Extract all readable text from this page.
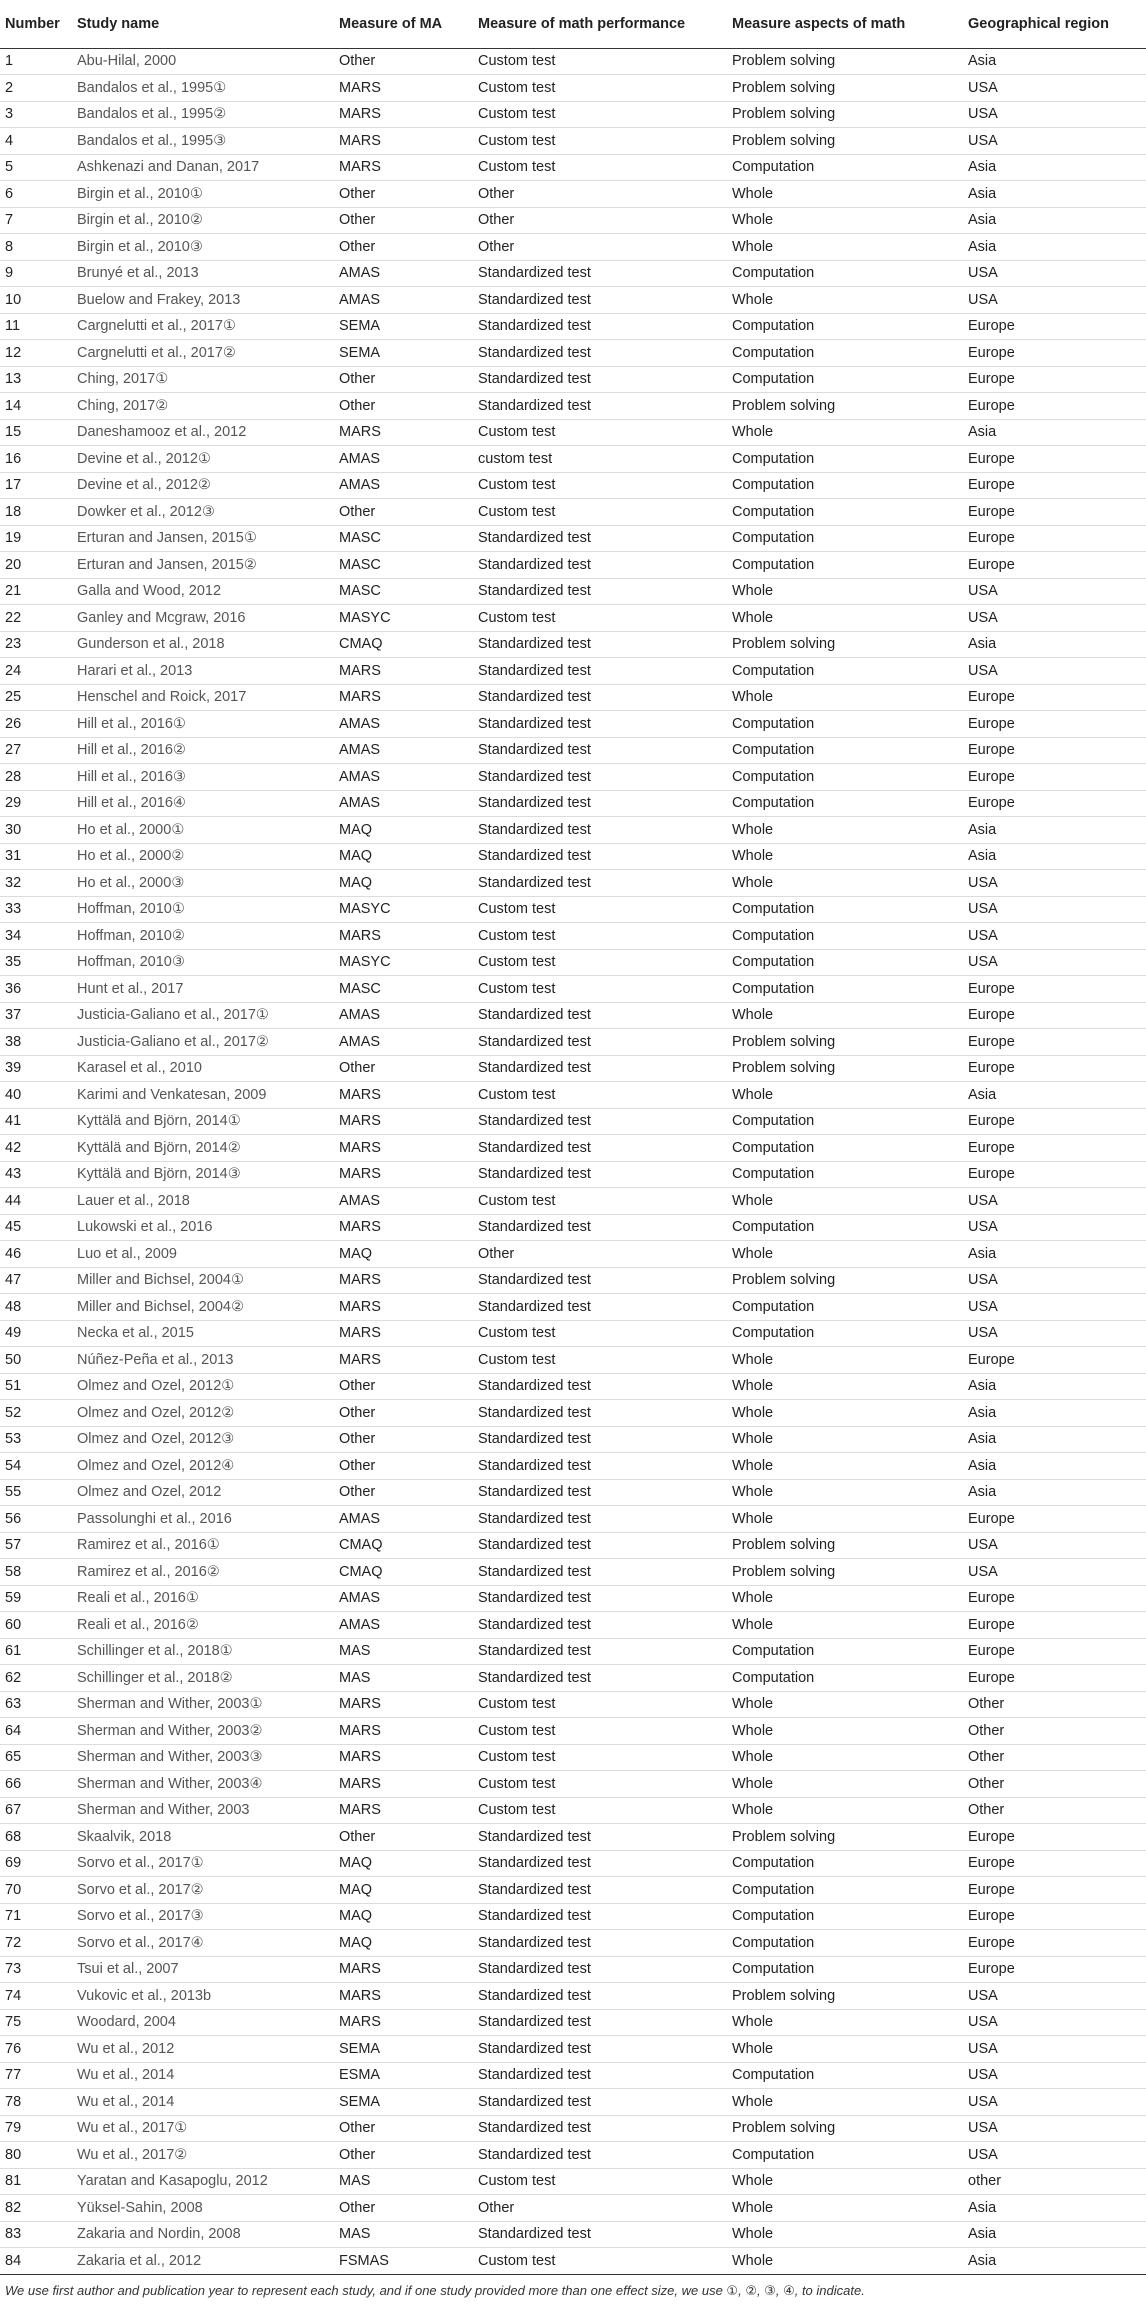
Number	Study name	Measure of MA	Measure of math performance	Measure aspects of math	Geographical region
1	Abu-Hilal, 2000	Other	Custom test	Problem solving	Asia
2	Bandalos et al., 1995①	MARS	Custom test	Problem solving	USA
3	Bandalos et al., 1995②	MARS	Custom test	Problem solving	USA
4	Bandalos et al., 1995③	MARS	Custom test	Problem solving	USA
5	Ashkenazi and Danan, 2017	MARS	Custom test	Computation	Asia
6	Birgin et al., 2010①	Other	Other	Whole	Asia
7	Birgin et al., 2010②	Other	Other	Whole	Asia
8	Birgin et al., 2010③	Other	Other	Whole	Asia
9	Brunyé et al., 2013	AMAS	Standardized test	Computation	USA
10	Buelow and Frakey, 2013	AMAS	Standardized test	Whole	USA
11	Cargnelutti et al., 2017①	SEMA	Standardized test	Computation	Europe
12	Cargnelutti et al., 2017②	SEMA	Standardized test	Computation	Europe
13	Ching, 2017①	Other	Standardized test	Computation	Europe
14	Ching, 2017②	Other	Standardized test	Problem solving	Europe
15	Daneshamooz et al., 2012	MARS	Custom test	Whole	Asia
16	Devine et al., 2012①	AMAS	custom test	Computation	Europe
17	Devine et al., 2012②	AMAS	Custom test	Computation	Europe
18	Dowker et al., 2012③	Other	Custom test	Computation	Europe
19	Erturan and Jansen, 2015①	MASC	Standardized test	Computation	Europe
20	Erturan and Jansen, 2015②	MASC	Standardized test	Computation	Europe
21	Galla and Wood, 2012	MASC	Standardized test	Whole	USA
22	Ganley and Mcgraw, 2016	MASYC	Custom test	Whole	USA
23	Gunderson et al., 2018	CMAQ	Standardized test	Problem solving	Asia
24	Harari et al., 2013	MARS	Standardized test	Computation	USA
25	Henschel and Roick, 2017	MARS	Standardized test	Whole	Europe
26	Hill et al., 2016①	AMAS	Standardized test	Computation	Europe
27	Hill et al., 2016②	AMAS	Standardized test	Computation	Europe
28	Hill et al., 2016③	AMAS	Standardized test	Computation	Europe
29	Hill et al., 2016④	AMAS	Standardized test	Computation	Europe
30	Ho et al., 2000①	MAQ	Standardized test	Whole	Asia
31	Ho et al., 2000②	MAQ	Standardized test	Whole	Asia
32	Ho et al., 2000③	MAQ	Standardized test	Whole	USA
33	Hoffman, 2010①	MASYC	Custom test	Computation	USA
34	Hoffman, 2010②	MARS	Custom test	Computation	USA
35	Hoffman, 2010③	MASYC	Custom test	Computation	USA
36	Hunt et al., 2017	MASC	Custom test	Computation	Europe
37	Justicia-Galiano et al., 2017①	AMAS	Standardized test	Whole	Europe
38	Justicia-Galiano et al., 2017②	AMAS	Standardized test	Problem solving	Europe
39	Karasel et al., 2010	Other	Standardized test	Problem solving	Europe
40	Karimi and Venkatesan, 2009	MARS	Custom test	Whole	Asia
41	Kyttälä and Björn, 2014①	MARS	Standardized test	Computation	Europe
42	Kyttälä and Björn, 2014②	MARS	Standardized test	Computation	Europe
43	Kyttälä and Björn, 2014③	MARS	Standardized test	Computation	Europe
44	Lauer et al., 2018	AMAS	Custom test	Whole	USA
45	Lukowski et al., 2016	MARS	Standardized test	Computation	USA
46	Luo et al., 2009	MAQ	Other	Whole	Asia
47	Miller and Bichsel, 2004①	MARS	Standardized test	Problem solving	USA
48	Miller and Bichsel, 2004②	MARS	Standardized test	Computation	USA
49	Necka et al., 2015	MARS	Custom test	Computation	USA
50	Núñez-Peña et al., 2013	MARS	Custom test	Whole	Europe
51	Olmez and Ozel, 2012①	Other	Standardized test	Whole	Asia
52	Olmez and Ozel, 2012②	Other	Standardized test	Whole	Asia
53	Olmez and Ozel, 2012③	Other	Standardized test	Whole	Asia
54	Olmez and Ozel, 2012④	Other	Standardized test	Whole	Asia
55	Olmez and Ozel, 2012	Other	Standardized test	Whole	Asia
56	Passolunghi et al., 2016	AMAS	Standardized test	Whole	Europe
57	Ramirez et al., 2016①	CMAQ	Standardized test	Problem solving	USA
58	Ramirez et al., 2016②	CMAQ	Standardized test	Problem solving	USA
59	Reali et al., 2016①	AMAS	Standardized test	Whole	Europe
60	Reali et al., 2016②	AMAS	Standardized test	Whole	Europe
61	Schillinger et al., 2018①	MAS	Standardized test	Computation	Europe
62	Schillinger et al., 2018②	MAS	Standardized test	Computation	Europe
63	Sherman and Wither, 2003①	MARS	Custom test	Whole	Other
64	Sherman and Wither, 2003②	MARS	Custom test	Whole	Other
65	Sherman and Wither, 2003③	MARS	Custom test	Whole	Other
66	Sherman and Wither, 2003④	MARS	Custom test	Whole	Other
67	Sherman and Wither, 2003	MARS	Custom test	Whole	Other
68	Skaalvik, 2018	Other	Standardized test	Problem solving	Europe
69	Sorvo et al., 2017①	MAQ	Standardized test	Computation	Europe
70	Sorvo et al., 2017②	MAQ	Standardized test	Computation	Europe
71	Sorvo et al., 2017③	MAQ	Standardized test	Computation	Europe
72	Sorvo et al., 2017④	MAQ	Standardized test	Computation	Europe
73	Tsui et al., 2007	MARS	Standardized test	Computation	Europe
74	Vukovic et al., 2013b	MARS	Standardized test	Problem solving	USA
75	Woodard, 2004	MARS	Standardized test	Whole	USA
76	Wu et al., 2012	SEMA	Standardized test	Whole	USA
77	Wu et al., 2014	ESMA	Standardized test	Computation	USA
78	Wu et al., 2014	SEMA	Standardized test	Whole	USA
79	Wu et al., 2017①	Other	Standardized test	Problem solving	USA
80	Wu et al., 2017②	Other	Standardized test	Computation	USA
81	Yaratan and Kasapoglu, 2012	MAS	Custom test	Whole	other
82	Yüksel-Sahin, 2008	Other	Other	Whole	Asia
83	Zakaria and Nordin, 2008	MAS	Standardized test	Whole	Asia
84	Zakaria et al., 2012	FSMAS	Custom test	Whole	Asia
We use first author and publication year to represent each study, and if one study provided more than one effect size, we use ①, ②, ③, ④, to indicate.
